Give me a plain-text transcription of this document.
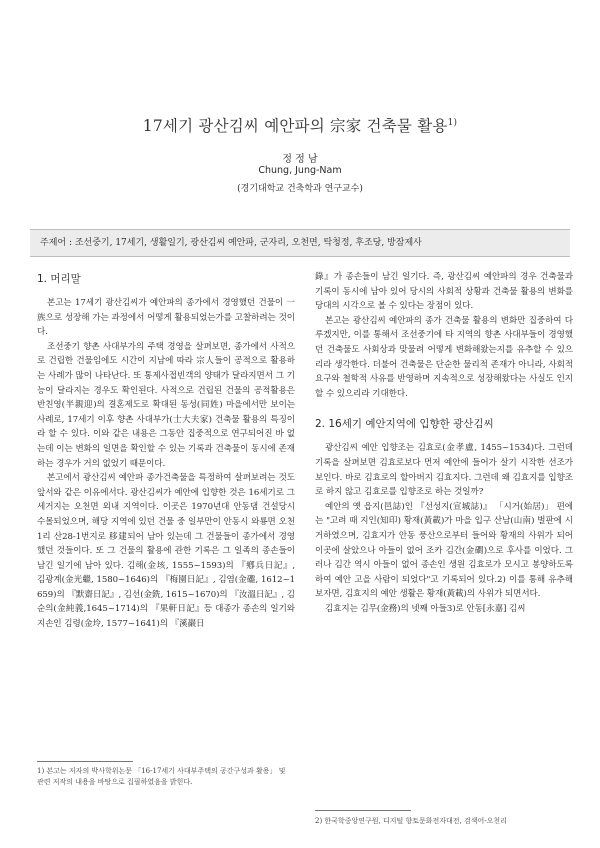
17세기 광산김씨 예안파의 宗家 건축물 활용$^{1)}$
정 정 남
Chung, Jung-Nam
(경기대학교 건축학과 연구교수)
주제어 : 조선중기, 17세기, 생활일기, 광산김씨 예안파, 군자리, 오천면, 탁청정, 후조당, 방잠제사
1. 머리말

본고는 17세기 광산김씨가 예안파의 종가에서 경영했던 건물이 一族으로 성장해 가는 과정에서 어떻게 활용되었는가를 고찰하려는 것이다.

조선중기 향촌 사대부가의 주택 경영을 살펴보면, 종가에서 사적으로 건립한 건물임에도 시간이 지남에 따라 宗人들이 공적으로 활용하는 사례가 많이 나타난다. 또 통제사접빈객의 양태가 달라지면서 그 기능이 달라지는 경우도 확인된다. 사적으로 건립된 건물의 공적활용은 반친영(半親迎)의 결혼제도로 확대된 동성(同姓) 마을에서만 보이는 사례로, 17세기 이후 향촌 사대부가(士大夫家) 건축물 활용의 특징이라 할 수 있다. 이와 같은 내용은 그동안 집중적으로 연구되어진 바 없는데 이는 변화의 일면을 확인할 수 있는 기록과 건축물이 동시에 존재하는 경우가 거의 없었기 때문이다.

본고에서 광산김씨 예안파 종가건축물을 특정하여 살펴보려는 것도 앞서와 같은 이유에서다. 광산김씨가 예안에 입향한 것은 16세기로 그 세거지는 오천면 외내 지역이다. 이곳은 1970년대 안동댐 건설당시 수몰되었으며, 해당 지역에 있던 건물 중 일부만이 안동시 와룡면 오천1리 산28-1번지로 移建되어 남아 있는데 그 건물들이 종가에서 경영했던 것들이다. 또 그 건물의 활용에 관한 기록은 그 일족의 종손들이 남긴 일기에 남아 있다. 김해(金垓, 1555~1593)의 『鄕兵日記』, 김광계(金光繼, 1580~1646)의 『梅園日記』, 김염(金䃲, 1612~1659)의 『默齋日記』, 김선(金銑, 1615~1670)의 『汝溫日記』, 김순의(金純義,1645~1714)의 『果軒日記』등 대종가 종손의 일기와 지손인 김령(金坽, 1577~1641)의 『溪巖日

1) 본고는 저자의 박사학위논문 「16-17세기 사대부주택의 공간구성과 활용」 및 관련 저작의 내용을 바탕으로 집필하였음을 밝힌다.

錄』가 종손들이 남긴 일기다. 즉, 광산김씨 예안파의 경우 건축물과 기록이 동시에 남아 있어 당시의 사회적 상황과 건축물 활용의 변화를 당대의 시각으로 볼 수 있다는 장점이 있다.

본고는 광산김씨 예안파의 종가 건축물 활용의 변화만 집중하여 다루겠지만, 이를 통해서 조선중기에 타 지역의 향촌 사대부들이 경영했던 건축물도 사회상과 맞물려 어떻게 변화해왔는지를 유추할 수 있으리라 생각한다. 더불어 건축물은 단순한 물리적 존재가 아니라, 사회적 요구와 철학적 사유를 반영하며 지속적으로 성장해왔다는 사실도 인지할 수 있으리라 기대한다.

2. 16세기 예안지역에 입향한 광산김씨

광산김씨 예안 입향조는 김효로(金孝盧, 1455~1534)다. 그런데 기록을 살펴보면 김효로보다 먼저 예안에 들어가 살기 시작한 선조가 보인다. 바로 김효로의 할아버지 김효지다. 그런데 왜 김효지를 입향조로 하지 않고 김효로를 입향조로 하는 것일까?

예안의 옛 읍지(邑誌)인 『선성지(宣城誌)』 「시거(始居)」 편에는 "고려 때 지인(知印) 황재(黃載)가 마을 입구 산남(山南) 벌판에 시거하였으며, 김효지가 안동 풍산으로부터 들어와 황재의 사위가 되어 이곳에 살았으나 아들이 없어 조카 김간(金磵)으로 후사를 이었다. 그러나 김간 역시 아들이 없어 종손인 생원 김효로가 모시고 봉양하도록 하여 예안 고을 사람이 되었다"고 기록되어 있다.2) 이를 통해 유추해보자면, 김효지의 예안 생활은 황재(黃載)의 사위가 되면서다.

김효지는 김무(金務)의 넷째 아들3)로 안동[永嘉] 김씨

2) 한국학중앙연구원, 디지털 향토문화전자대전, 검색어-오천리
